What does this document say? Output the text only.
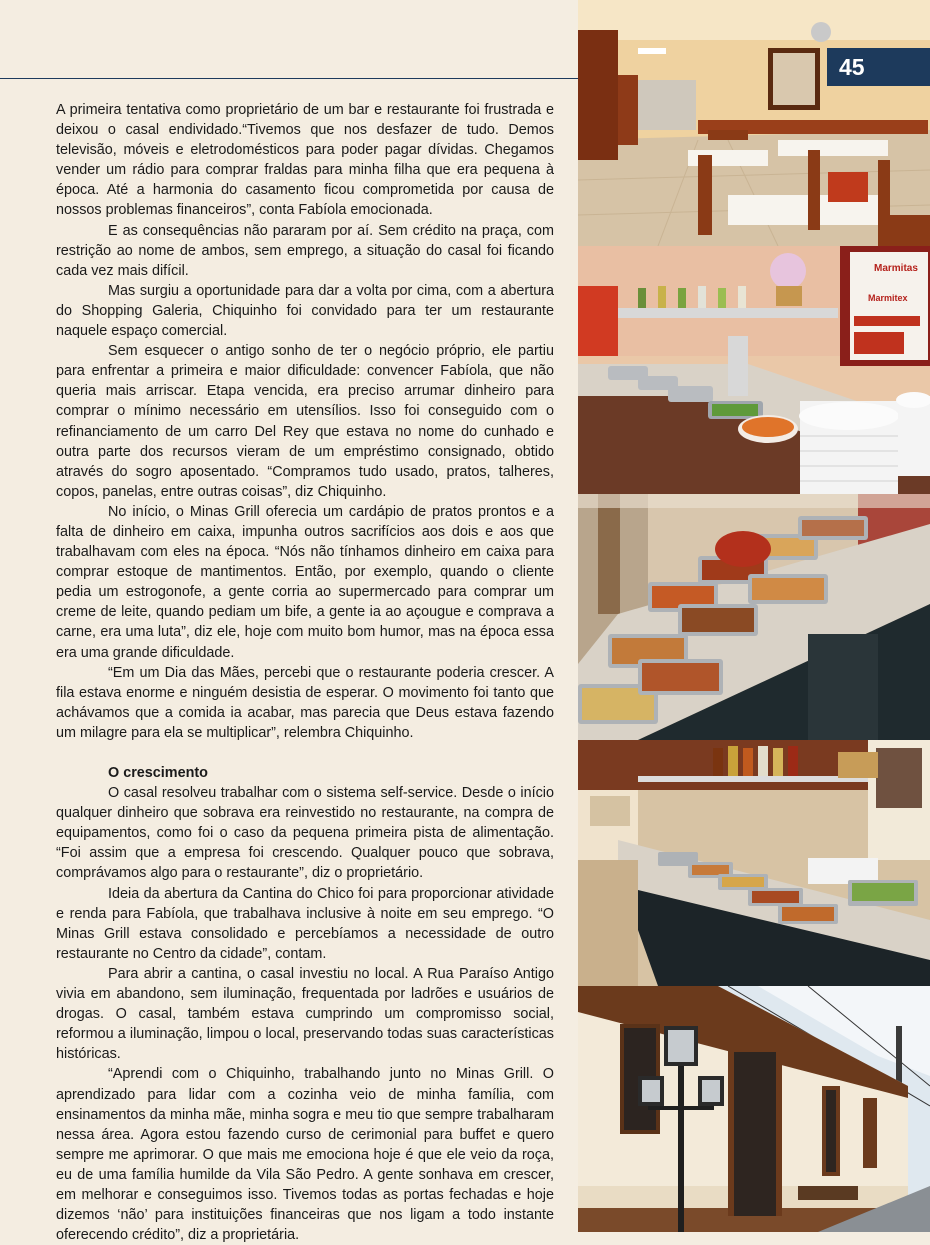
45

A primeira tentativa como proprietário de um bar e restaurante foi frustrada e deixou o casal endividado.“Tivemos que nos desfazer de tudo. Demos televisão, móveis e eletrodomésticos para poder pagar dívidas. Chegamos vender um rádio para comprar fraldas para minha filha que era pequena à época. Até a harmonia do casamento ficou comprometida por causa de nossos problemas financeiros”, conta Fabíola emocionada.

E as consequências não pararam por aí. Sem crédito na praça, com restrição ao nome de ambos, sem emprego, a situação do casal foi ficando cada vez mais difícil.

Mas surgiu a oportunidade para dar a volta por cima, com a abertura do Shopping Galeria, Chiquinho foi convidado para ter um restaurante naquele espaço comercial.

Sem esquecer o antigo sonho de ter o negócio próprio, ele partiu para enfrentar a primeira e maior dificuldade: convencer Fabíola, que não queria mais arriscar. Etapa vencida, era preciso arrumar dinheiro para comprar o mínimo necessário em utensílios. Isso foi conseguido com o refinanciamento de um carro Del Rey que estava no nome do cunhado e outra parte dos recursos vieram de um empréstimo consignado, obtido através do sogro aposentado. “Compramos tudo usado, pratos, talheres, copos, panelas, entre outras coisas”, diz Chiquinho.

No início, o Minas Grill oferecia um cardápio de pratos prontos e a falta de dinheiro em caixa, impunha outros sacrifícios aos dois e aos que trabalhavam com eles na época. “Nós não tínhamos dinheiro em caixa para comprar estoque de mantimentos. Então, por exemplo, quando o cliente pedia um estrogonofe, a gente corria ao supermercado para comprar um creme de leite, quando pediam um bife, a gente ia ao açougue e comprava a carne, era uma luta”, diz ele, hoje com muito bom humor, mas na época essa era uma grande dificuldade.

“Em um Dia das Mães, percebi que o restaurante poderia crescer. A fila estava enorme e ninguém desistia de esperar. O movimento foi tanto que achávamos que a comida ia acabar, mas parecia que Deus estava fazendo um milagre para ela se multiplicar”, relembra Chiquinho.

O crescimento

O casal resolveu trabalhar com o sistema self-service. Desde o início qualquer dinheiro que sobrava era reinvestido no restaurante, na compra de equipamentos, como foi o caso da pequena primeira pista de alimentação. “Foi assim que a empresa foi crescendo. Qualquer pouco que sobrava, comprávamos algo para o restaurante”, diz o proprietário.

Ideia da abertura da Cantina do Chico foi para proporcionar atividade e renda para Fabíola, que trabalhava inclusive à noite em seu emprego. “O Minas Grill estava consolidado e percebíamos a necessidade de outro restaurante no Centro da cidade”, contam.

Para abrir a cantina, o casal investiu no local. A Rua Paraíso Antigo vivia em abandono, sem iluminação, frequentada por ladrões e usuários de drogas. O casal, também estava cumprindo um compromisso social, reformou a iluminação, limpou o local, preservando todas suas características históricas.

“Aprendi com o Chiquinho, trabalhando junto no Minas Grill. O aprendizado para lidar com a cozinha veio de minha família, com ensinamentos da minha mãe, minha sogra e meu tio que sempre trabalharam nessa área. Agora estou fazendo curso de cerimonial para buffet e quero sempre me aprimorar. O que mais me emociona hoje é que ele veio da roça, eu de uma família humilde da Vila São Pedro. A gente sonhava em crescer, em melhorar e conseguimos isso. Tivemos todas as portas fechadas e hoje dizemos ‘não’ para instituições financeiras que nos ligam a todo instante oferecendo crédito”, diz a proprietária.

Marmitas
Marmitex
